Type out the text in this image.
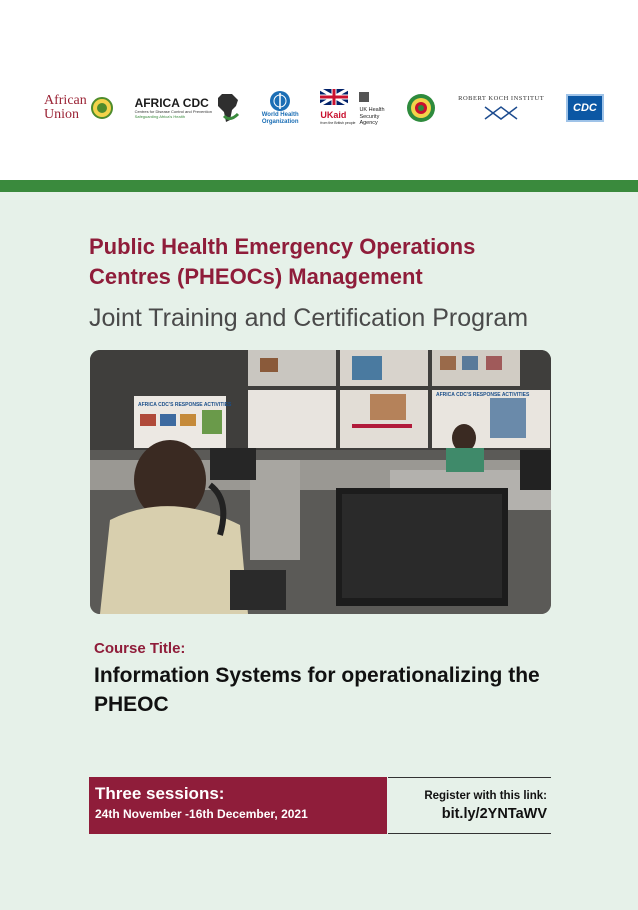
African
Union
AFRICA CDC
Centres for Disease Control and Prevention
Safeguarding Africa's Health	World Health
Organization
UKaid
from the British people
UK Health
Security
Agency
ROBERT KOCH INSTITUT
CDC
Public Health Emergency Operations Centres (PHEOCs) Management
Joint Training and Certification Program
AFRICA CDC'S RESPONSE ACTIVITIES
AFRICA CDC'S RESPONSE ACTIVITIES
Course Title:
Information Systems for operationalizing the PHEOC
Three sessions:
24th November -16th December, 2021
Register with this link:
bit.ly/2YNTaWV
